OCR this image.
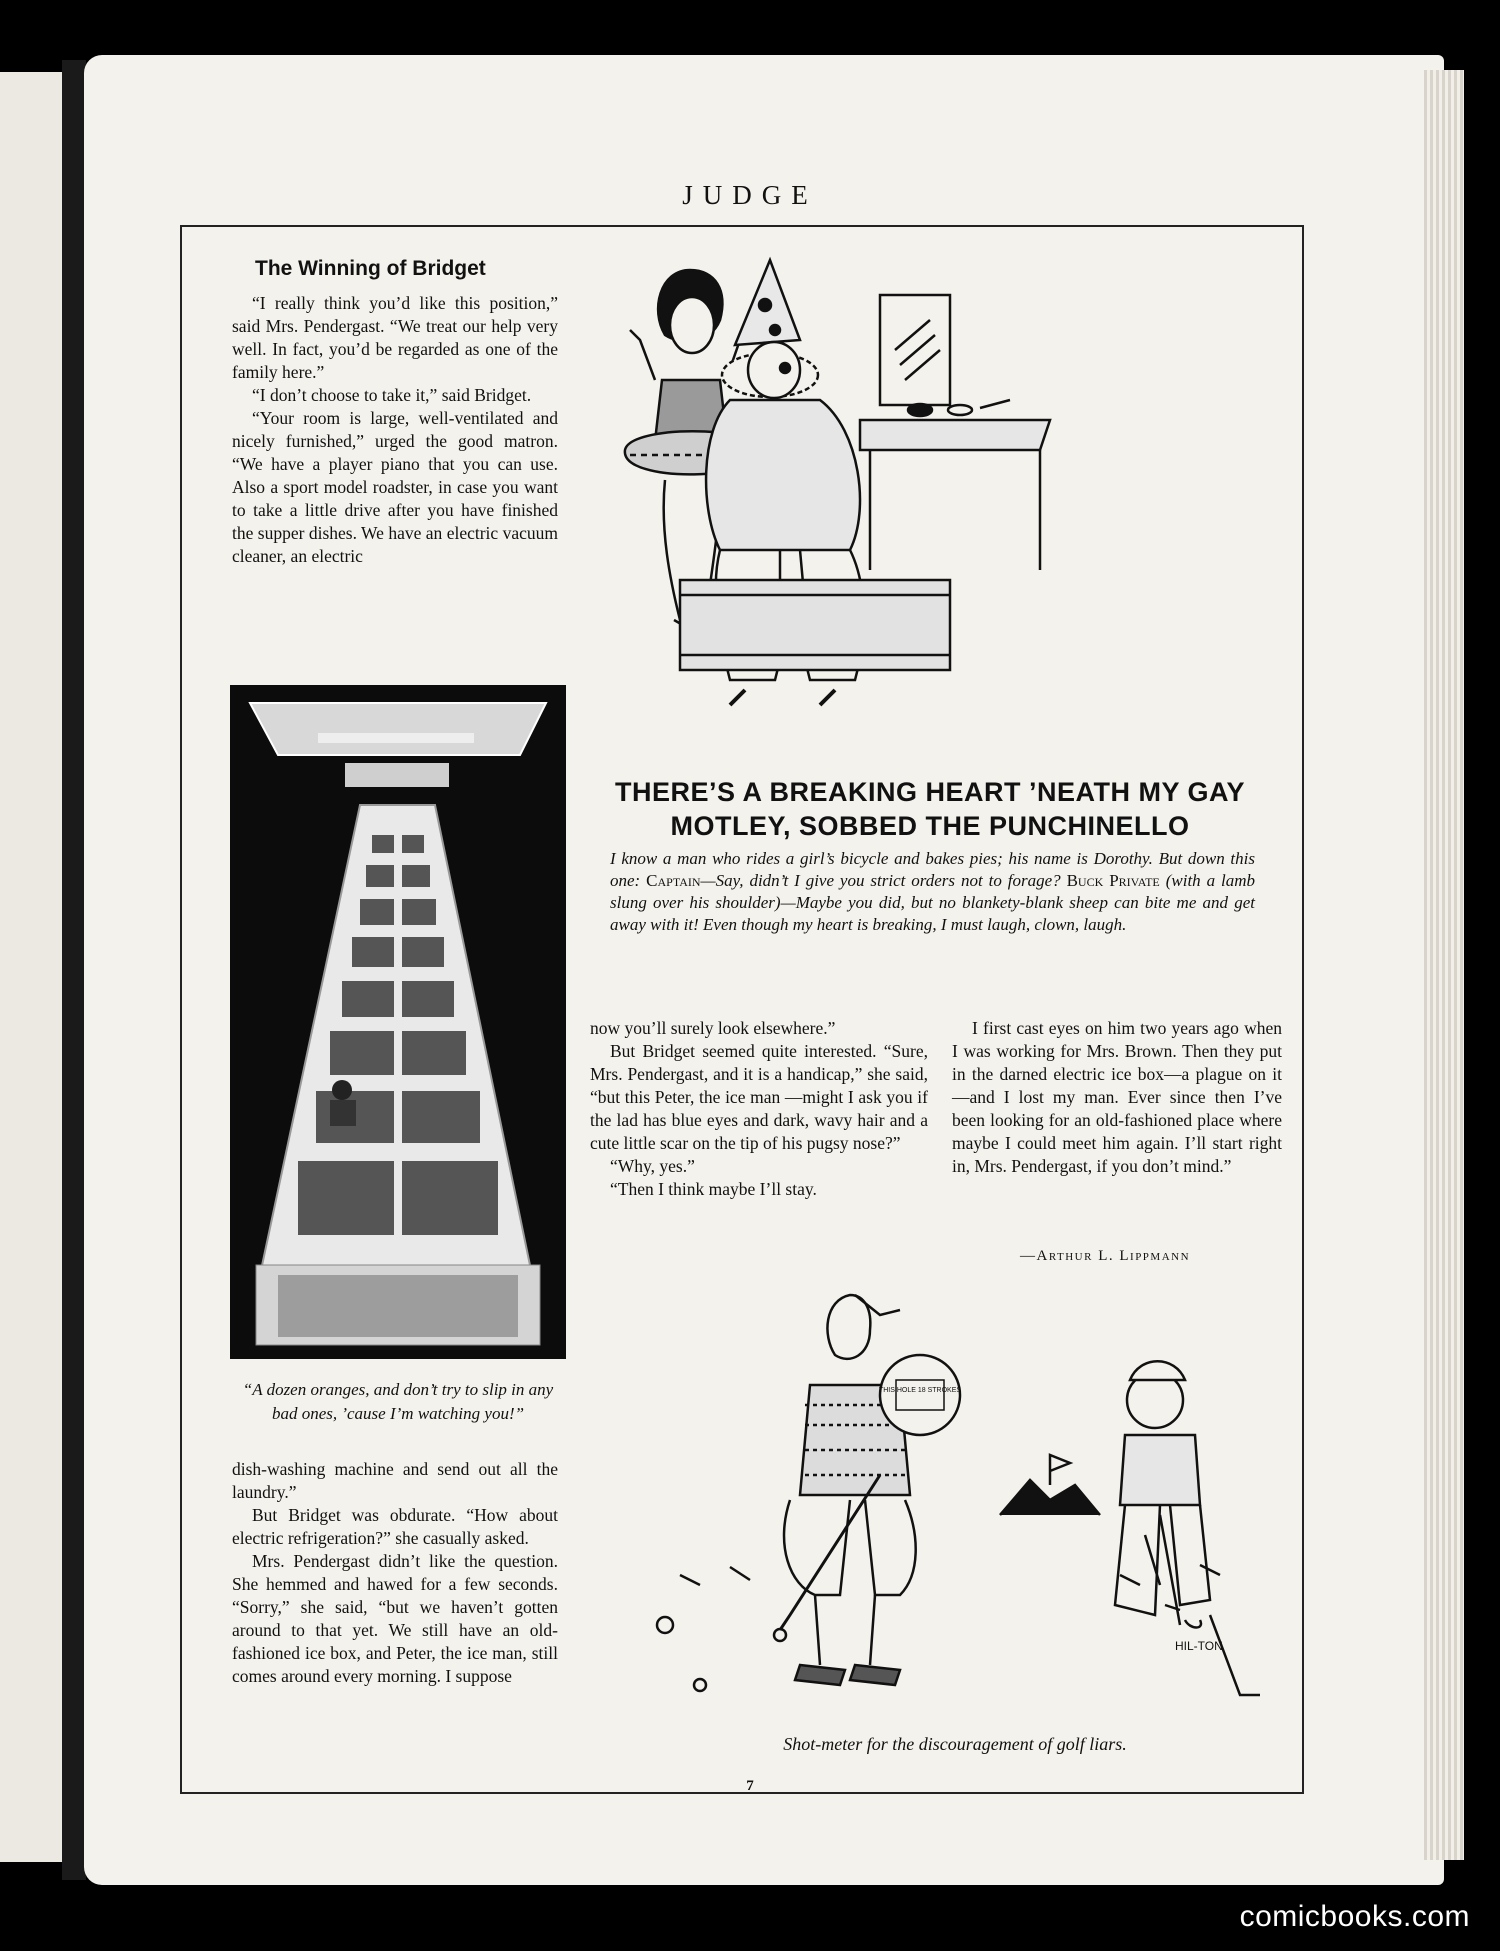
JUDGE
The Winning of Bridget

“I really think you’d like this position,” said Mrs. Pendergast. “We treat our help very well. In fact, you’d be regarded as one of the family here.”

“I don’t choose to take it,” said Bridget.

“Your room is large, well-ventilated and nicely furnished,” urged the good matron. “We have a player piano that you can use. Also a sport model roadster, in case you want to take a little drive after you have finished the supper dishes. We have an electric vacuum cleaner, an electric

“A dozen oranges, and don’t try to slip in any bad ones, ’cause I’m watching you!”

dish-washing machine and send out all the laundry.”

But Bridget was obdurate. “How about electric refrigeration?” she casually asked.

Mrs. Pendergast didn’t like the question. She hemmed and hawed for a few seconds. “Sorry,” she said, “but we haven’t gotten around to that yet. We still have an old-fashioned ice box, and Peter, the ice man, still comes around every morning. I suppose

THERE’S A BREAKING HEART ’NEATH MY GAY MOTLEY, SOBBED THE PUNCHINELLO
I know a man who rides a girl’s bicycle and bakes pies; his name is Dorothy. But down this one: Captain—Say, didn’t I give you strict orders not to forage? Buck Private (with a lamb slung over his shoulder)—Maybe you did, but no blankety-blank sheep can bite me and get away with it! Even though my heart is breaking, I must laugh, clown, laugh.

now you’ll surely look elsewhere.”

But Bridget seemed quite interested. “Sure, Mrs. Pendergast, and it is a handicap,” she said, “but this Peter, the ice man —might I ask you if the lad has blue eyes and dark, wavy hair and a cute little scar on the tip of his pugsy nose?”

“Why, yes.”

“Then I think maybe I’ll stay.

I first cast eyes on him two years ago when I was working for Mrs. Brown. Then they put in the darned electric ice box—a plague on it—and I lost my man. Ever since then I’ve been looking for an old-fashioned place where maybe I could meet him again. I’ll start right in, Mrs. Pendergast, if you don’t mind.”

—Arthur L. Lippmann
THIS HOLE 18 STROKES
HIL-TON
Shot-meter for the discouragement of golf liars.
7
comicbooks.com
